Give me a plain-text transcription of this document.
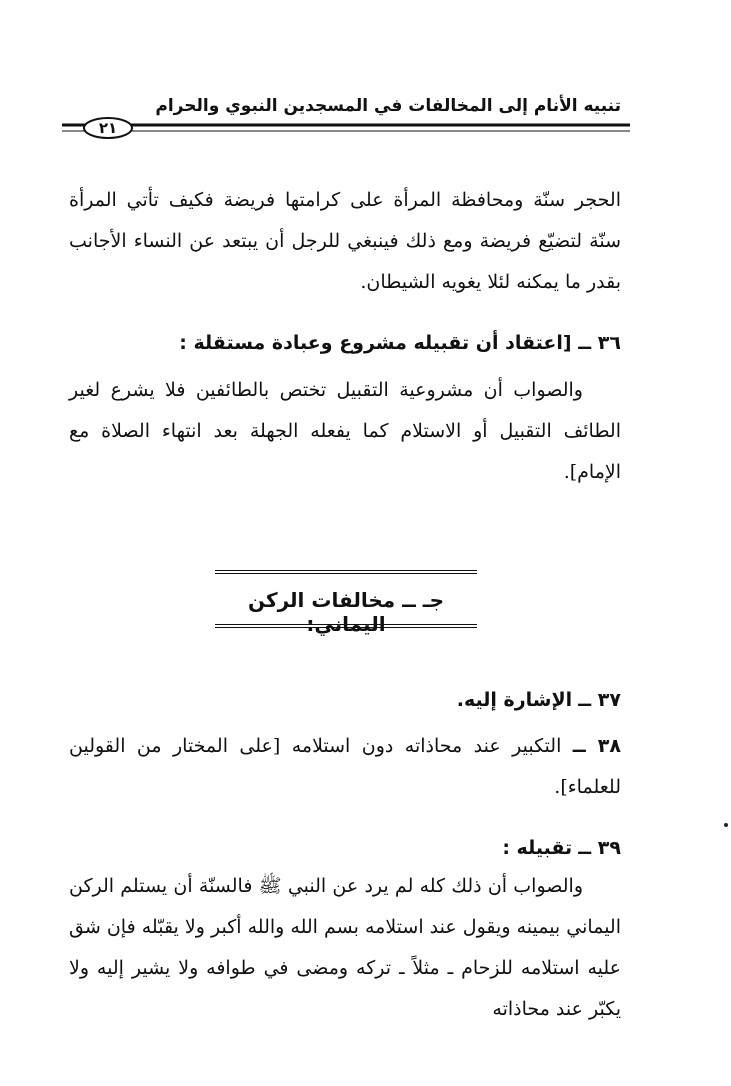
تنبيه الأنام إلى المخالفات في المسجدين النبوي والحرام
٢١
الحجر سنّة ومحافظة المرأة على كرامتها فريضة فكيف تأتي المرأة سنّة لتضيّع فريضة ومع ذلك فينبغي للرجل أن يبتعد عن النساء الأجانب بقدر ما يمكنه لئلا يغويه الشيطان.
٣٦ ــ [اعتقاد أن تقبيله مشروع وعبادة مستقلة :
والصواب أن مشروعية التقبيل تختص بالطائفين فلا يشرع لغير الطائف التقبيل أو الاستلام كما يفعله الجهلة بعد انتهاء الصلاة مع الإمام].
جـ ــ مخالفات الركن
٣٧ ــ الإشارة إليه.
٣٨ ــ التكبير عند محاذاته دون استلامه [على المختار من القولين للعلماء].
٣٩ ــ تقبيله :
والصواب أن ذلك كله لم يرد عن النبي ﷺ فالسنّة أن يستلم الركن اليماني بيمينه ويقول عند استلامه بسم الله والله أكبر ولا يقبّله فإن شق عليه استلامه للزحام ـ مثلاً ـ تركه ومضى في طوافه ولا يشير إليه ولا يكبّر عند محاذاته
